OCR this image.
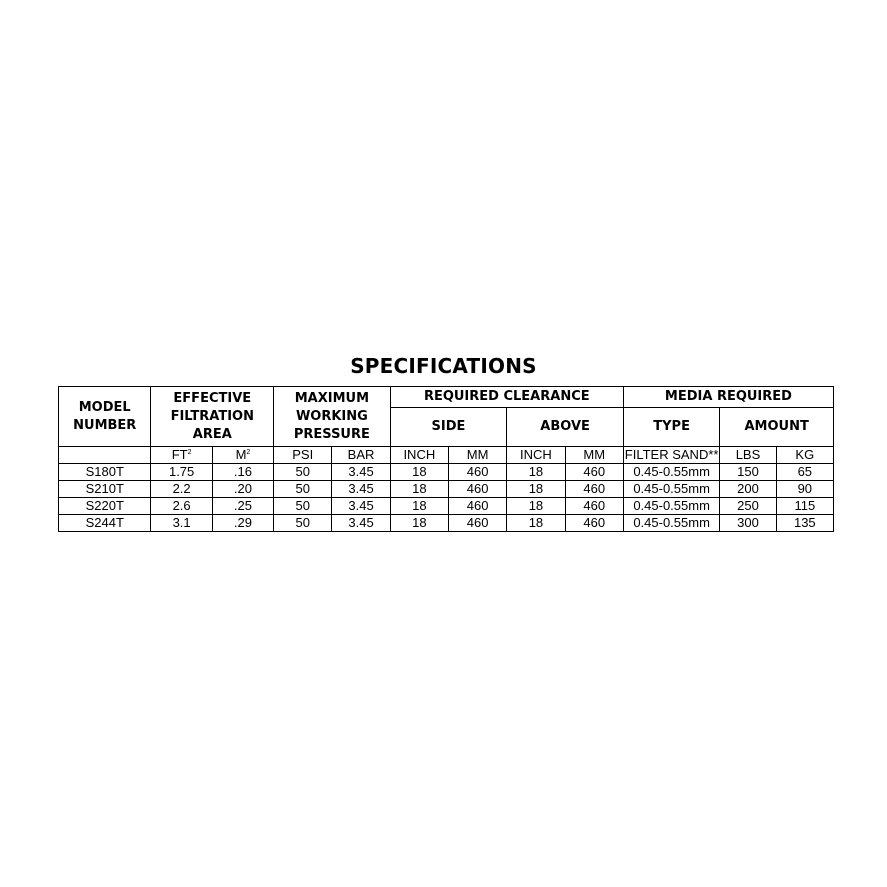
SPECIFICATIONS
MODEL NUMBER	EFFECTIVE FILTRATION AREA		MAXIMUM WORKING PRESSURE		REQUIRED CLEARANCE				MEDIA REQUIRED		
					SIDE		ABOVE		TYPE	AMOUNT	
	$FT^2$	$M^2$	PSI	BAR	INCH	MM	INCH	MM	FILTER SAND**	LBS	KG
S180T	1.75	.16	50	3.45	18	460	18	460	0.45-0.55mm	150	65
S210T	2.2	.20	50	3.45	18	460	18	460	0.45-0.55mm	200	90
S220T	2.6	.25	50	3.45	18	460	18	460	0.45-0.55mm	250	115
S244T	3.1	.29	50	3.45	18	460	18	460	0.45-0.55mm	300	135
